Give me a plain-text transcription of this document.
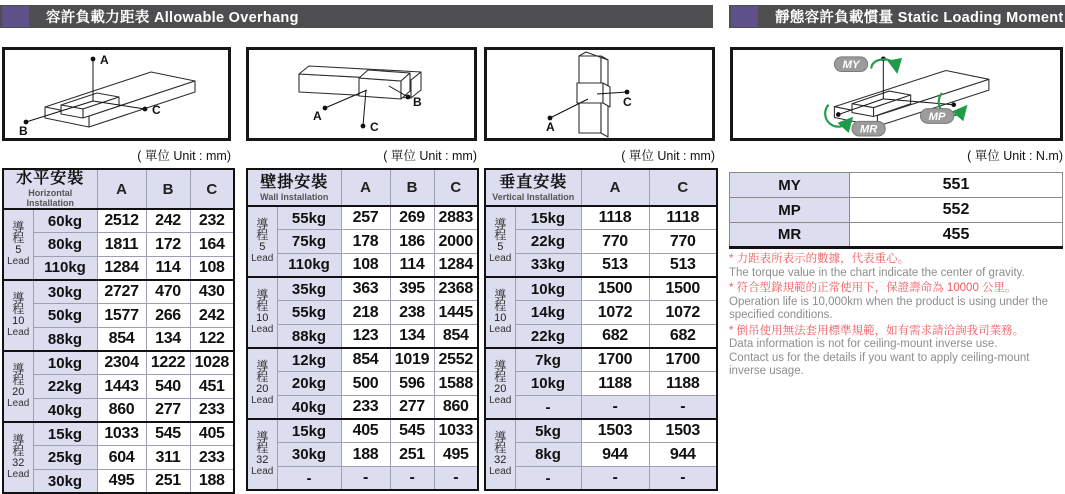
容許負載力距表 Allowable Overhang	靜態容許負載慣量 Static Loading Moment
A
B
C	A
B
C	A
C
MY
MP
MR
( 單位 Unit : mm)	( 單位 Unit : mm)	( 單位 Unit : mm)	( 單位 Unit : N.m)
水平安裝
Horizontal Installation		A	B	C

導
程
5
Lead	60kg	2512	242	232
	80kg	1811	172	164
	110kg	1284	114	108

導
程
10
Lead	30kg	2727	470	430
	50kg	1577	266	242
	88kg	854	134	122

導
程
20
Lead	10kg	2304	1222	1028
	22kg	1443	540	451
	40kg	860	277	233

導
程
32
Lead	15kg	1033	545	405
	25kg	604	311	233
	30kg	495	251	188
壁掛安裝
Wall Installation		A	B	C

導
程
5
Lead	55kg	257	269	2883
	75kg	178	186	2000
	110kg	108	114	1284

導
程
10
Lead	35kg	363	395	2368
	55kg	218	238	1445
	88kg	123	134	854

導
程
20
Lead	12kg	854	1019	2552
	20kg	500	596	1588
	40kg	233	277	860

導
程
32
Lead	15kg	405	545	1033
	30kg	188	251	495
	-	-	-	-
垂直安裝
Vertical Installation		A	C

導
程
5
Lead	15kg	1118	1118
	22kg	770	770
	33kg	513	513

導
程
10
Lead	10kg	1500	1500
	14kg	1072	1072
	22kg	682	682

導
程
20
Lead	7kg	1700	1700
	10kg	1188	1188
	-	-	-

導
程
32
Lead	5kg	1503	1503
	8kg	944	944
	-	-	-
MY	551
MP	552
MR	455
* 力距表所表示的數據，代表重心。
The torque value in the chart indicate the center of gravity.
* 符合型錄規範的正常使用下，保證壽命為 10000 公里。
Operation life is 10,000km when the product is using under the specified conditions.
* 倒吊使用無法套用標準規範，如有需求請洽詢我司業務。
Data information is not for ceiling-mount inverse use.
Contact us for the details if you want to apply ceiling-mount inverse usage.
